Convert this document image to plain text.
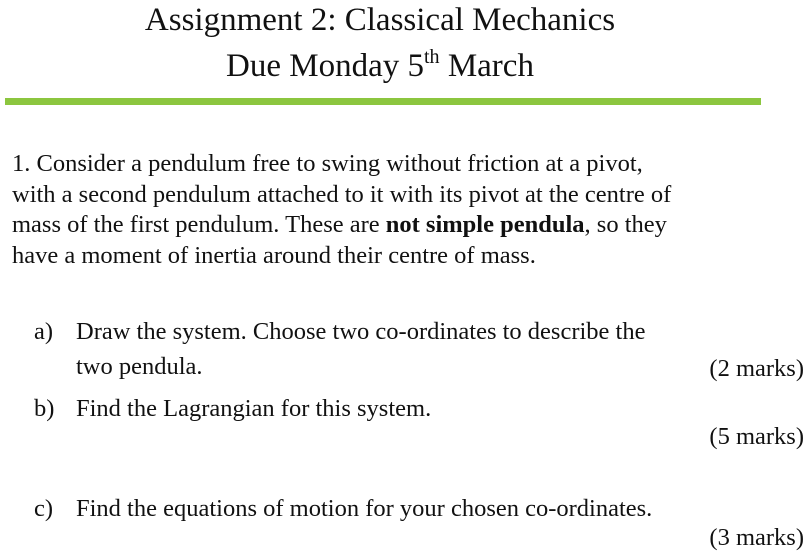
Assignment 2: Classical Mechanics
Due Monday 5th March
1. Consider a pendulum free to swing without friction at a pivot,
with a second pendulum attached to it with its pivot at the centre of
mass of the first pendulum. These are not simple pendula, so they
have a moment of inertia around their centre of mass.
a) Draw the system. Choose two co-ordinates to describe the
two pendula.	(2 marks)
b) Find the Lagrangian for this system.
(5 marks)
c) Find the equations of motion for your chosen co-ordinates.
(3 marks)
